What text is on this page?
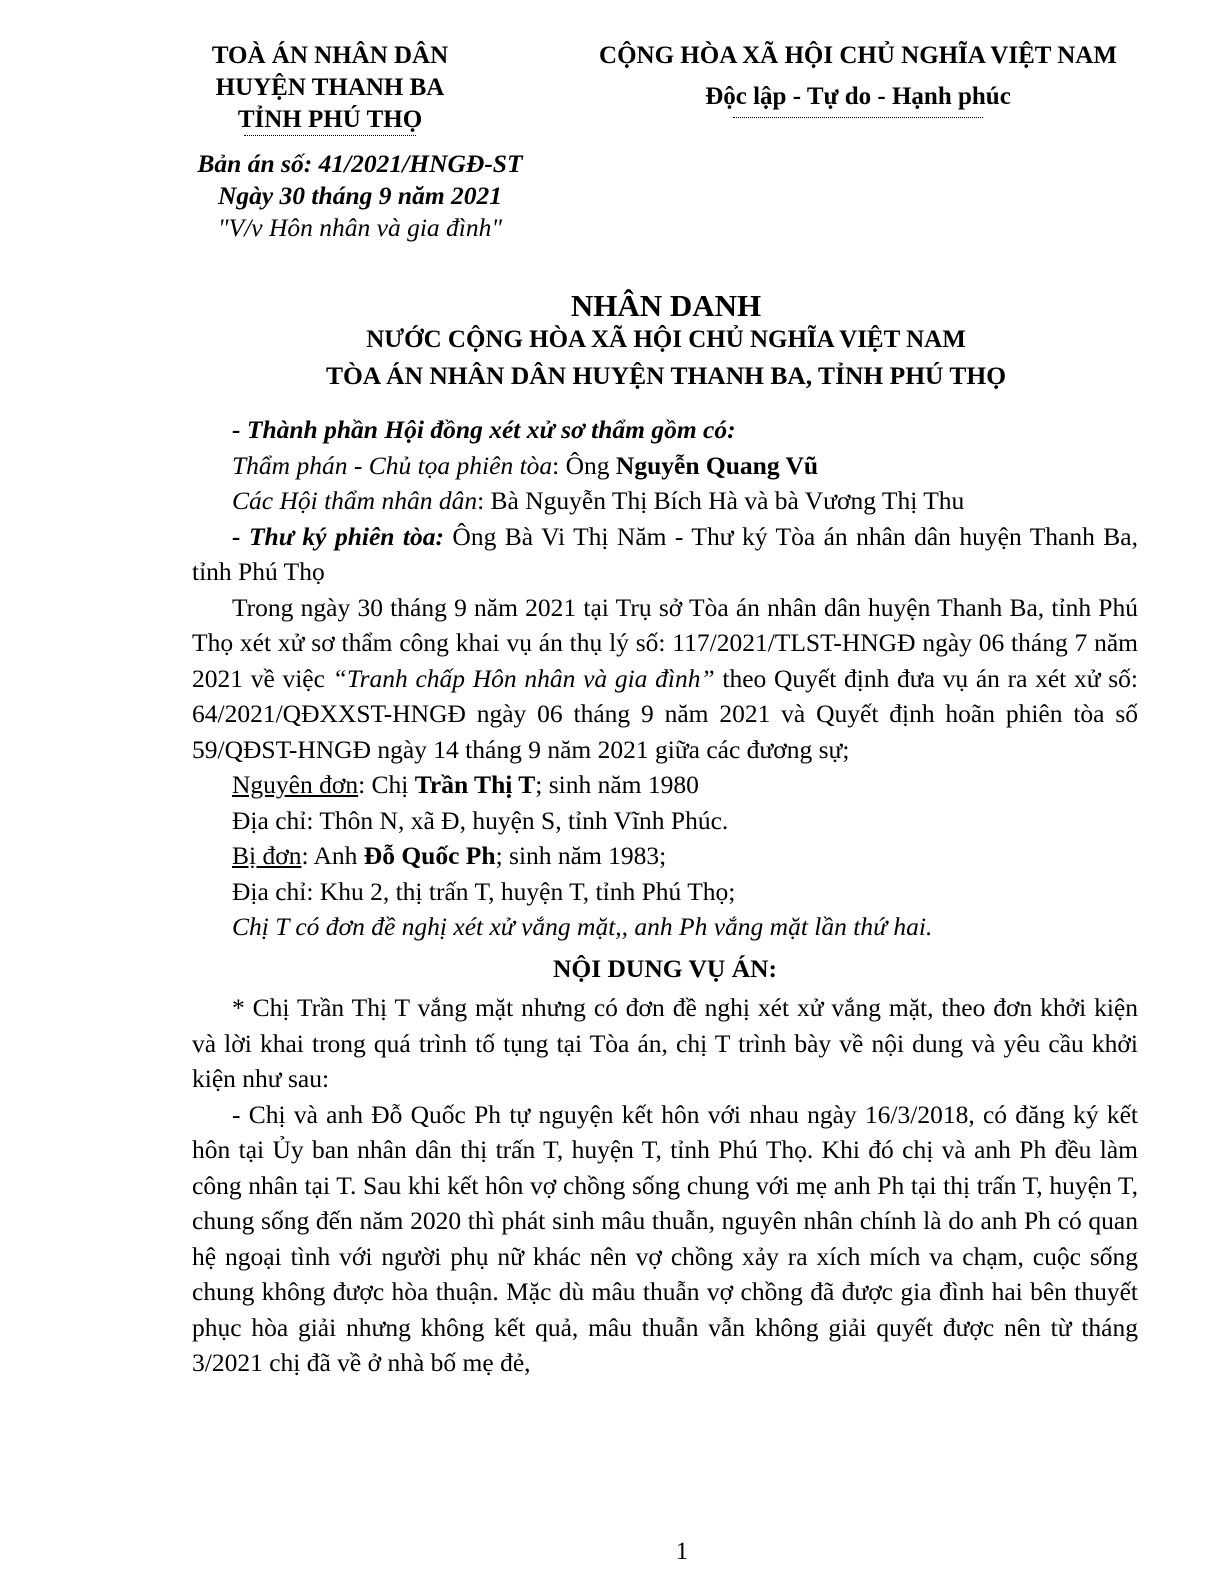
TOÀ ÁN NHÂN DÂN
HUYỆN THANH BA
TỈNH PHÚ THỌ
Bản án số: 41/2021/HNGĐ-ST
Ngày 30 tháng 9 năm 2021
"V/v Hôn nhân và gia đình"
CỘNG HÒA XÃ HỘI CHỦ NGHĨA VIỆT NAM
Độc lập - Tự do - Hạnh phúc
NHÂN DANH
NƯỚC CỘNG HÒA XÃ HỘI CHỦ NGHĨA VIỆT NAM
TÒA ÁN NHÂN DÂN HUYỆN THANH BA, TỈNH PHÚ THỌ

- Thành phần Hội đồng xét xử sơ thẩm gồm có:

Thẩm phán - Chủ tọa phiên tòa: Ông Nguyễn Quang Vũ

Các Hội thẩm nhân dân: Bà Nguyễn Thị Bích Hà và bà Vương Thị Thu

- Thư ký phiên tòa: Ông Bà Vi Thị Năm - Thư ký Tòa án nhân dân huyện Thanh Ba, tỉnh Phú Thọ

Trong ngày 30 tháng 9 năm 2021 tại Trụ sở Tòa án nhân dân huyện Thanh Ba, tỉnh Phú Thọ xét xử sơ thẩm công khai vụ án thụ lý số: 117/2021/TLST-HNGĐ ngày 06 tháng 7 năm 2021 về việc “Tranh chấp Hôn nhân và gia đình” theo Quyết định đưa vụ án ra xét xử số: 64/2021/QĐXXST-HNGĐ ngày 06 tháng 9 năm 2021 và Quyết định hoãn phiên tòa số 59/QĐST-HNGĐ ngày 14 tháng 9 năm 2021 giữa các đương sự;

Nguyên đơn: Chị Trần Thị T; sinh năm 1980

Địa chỉ: Thôn N, xã Đ, huyện S, tỉnh Vĩnh Phúc.

Bị đơn: Anh Đỗ Quốc Ph; sinh năm 1983;

Địa chỉ: Khu 2, thị trấn T, huyện T, tỉnh Phú Thọ;

Chị T có đơn đề nghị xét xử vắng mặt,, anh Ph vắng mặt lần thứ hai.

NỘI DUNG VỤ ÁN:

* Chị Trần Thị T vắng mặt nhưng có đơn đề nghị xét xử vắng mặt, theo đơn khởi kiện và lời khai trong quá trình tố tụng tại Tòa án, chị T trình bày về nội dung và yêu cầu khởi kiện như sau:

- Chị và anh Đỗ Quốc Ph tự nguyện kết hôn với nhau ngày 16/3/2018, có đăng ký kết hôn tại Ủy ban nhân dân thị trấn T, huyện T, tỉnh Phú Thọ. Khi đó chị và anh Ph đều làm công nhân tại T. Sau khi kết hôn vợ chồng sống chung với mẹ anh Ph tại thị trấn T, huyện T, chung sống đến năm 2020 thì phát sinh mâu thuẫn, nguyên nhân chính là do anh Ph có quan hệ ngoại tình với người phụ nữ khác nên vợ chồng xảy ra xích mích va chạm, cuộc sống chung không được hòa thuận. Mặc dù mâu thuẫn vợ chồng đã được gia đình hai bên thuyết phục hòa giải nhưng không kết quả, mâu thuẫn vẫn không giải quyết được nên từ tháng 3/2021 chị đã về ở nhà bố mẹ đẻ,

1
